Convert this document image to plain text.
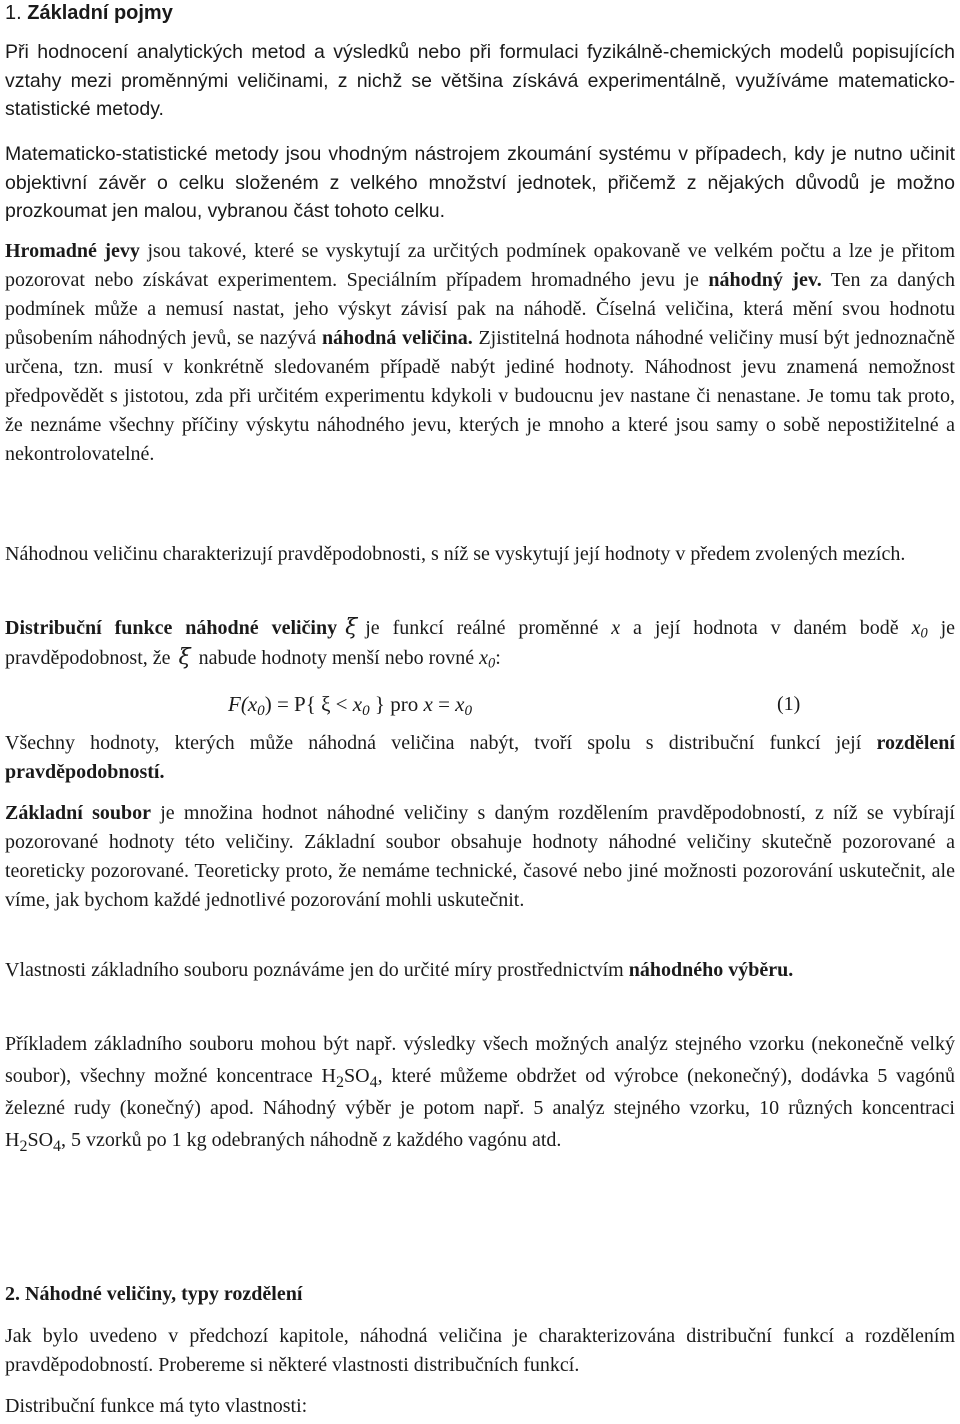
1. Základní pojmy

Při hodnocení analytických metod a výsledků nebo při formulaci fyzikálně-chemických modelů popisujících vztahy mezi proměnnými veličinami, z nichž se většina získává experimentálně, využíváme matematicko-statistické metody.

Matematicko-statistické metody jsou vhodným nástrojem zkoumání systému v případech, kdy je nutno učinit objektivní závěr o celku složeném z velkého množství jednotek, přičemž z nějakých důvodů je možno prozkoumat jen malou, vybranou část tohoto celku.

Hromadné jevy jsou takové, které se vyskytují za určitých podmínek opakovaně ve velkém počtu a lze je přitom pozorovat nebo získávat experimentem. Speciálním případem hromadného jevu je náhodný jev. Ten za daných podmínek může a nemusí nastat, jeho výskyt závisí pak na náhodě. Číselná veličina, která mění svou hodnotu působením náhodných jevů, se nazývá náhodná veličina. Zjistitelná hodnota náhodné veličiny musí být jednoznačně určena, tzn. musí v konkrétně sledovaném případě nabýt jediné hodnoty. Náhodnost jevu znamená nemožnost předpovědět s jistotou, zda při určitém experimentu kdykoli v budoucnu jev nastane či nenastane. Je tomu tak proto, že neznáme všechny příčiny výskytu náhodného jevu, kterých je mnoho a které jsou samy o sobě nepostižitelné a nekontrolovatelné.

Náhodnou veličinu charakterizují pravděpodobnosti, s níž se vyskytují její hodnoty v předem zvolených mezích.

Distribuční funkce náhodné veličiny ξ je funkcí reálné proměnné x a její hodnota v daném bodě $x_0$ je pravděpodobnost, že ξ nabude hodnoty menší nebo rovné $x_0$:

$F(x_0) = P${ $\xi < x_0$ } pro $x = x_0$	(1)

Všechny hodnoty, kterých může náhodná veličina nabýt, tvoří spolu s distribuční funkcí její rozdělení pravděpodobností.

Základní soubor je množina hodnot náhodné veličiny s daným rozdělením pravděpodobností, z níž se vybírají pozorované hodnoty této veličiny. Základní soubor obsahuje hodnoty náhodné veličiny skutečně pozorované a teoreticky pozorované. Teoreticky proto, že nemáme technické, časové nebo jiné možnosti pozorování uskutečnit, ale víme, jak bychom každé jednotlivé pozorování mohli uskutečnit.

Vlastnosti základního souboru poznáváme jen do určité míry prostřednictvím náhodného výběru.

Příkladem základního souboru mohou být např. výsledky všech možných analýz stejného vzorku (nekonečně velký soubor), všechny možné koncentrace $H_2SO_4$, které můžeme obdržet od výrobce (nekonečný), dodávka 5 vagónů železné rudy (konečný) apod. Náhodný výběr je potom např. 5 analýz stejného vzorku, 10 různých koncentraci $H_2SO_4$, 5 vzorků po 1 kg odebraných náhodně z každého vagónu atd.

2. Náhodné veličiny, typy rozdělení

Jak bylo uvedeno v předchozí kapitole, náhodná veličina je charakterizována distribuční funkcí a rozdělením pravděpodobností. Probereme si některé vlastnosti distribučních funkcí.

Distribuční funkce má tyto vlastnosti:
